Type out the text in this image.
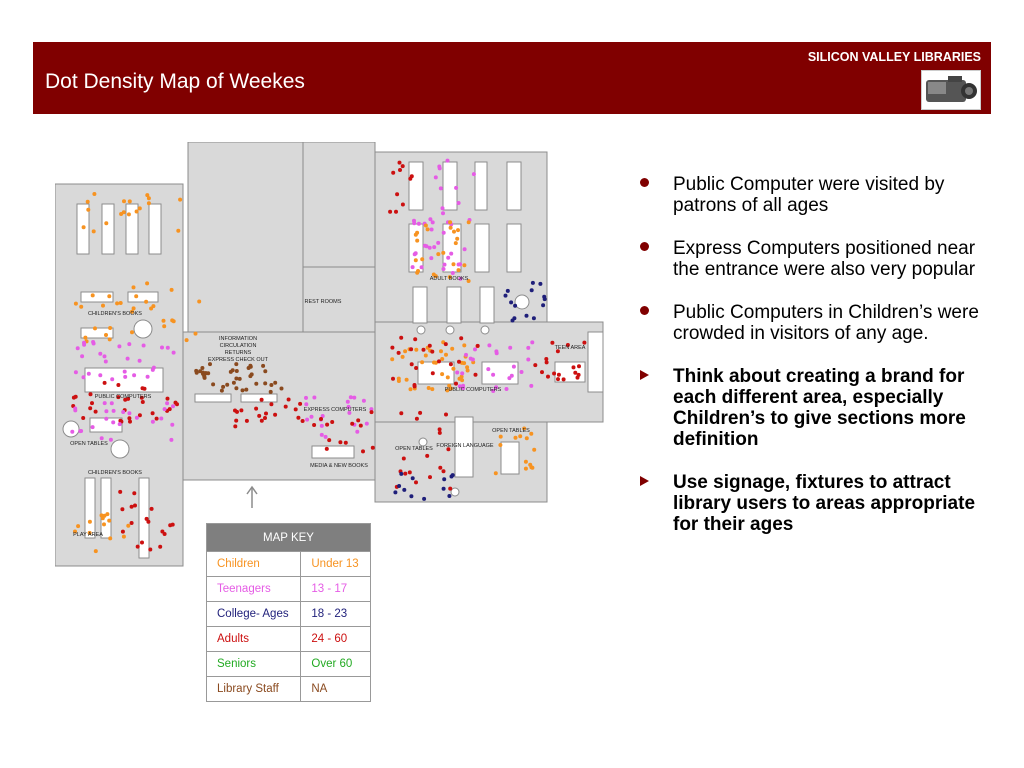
SILICON VALLEY LIBRARIES
Dot Density Map of Weekes
CHILDREN'S BOOKS
PUBLIC COMPUTERS
OPEN TABLES
CHILDREN'S BOOKS
PLAY AREA
INFORMATION
CIRCULATION
RETURNS
EXPRESS CHECK OUT
REST ROOMS
EXPRESS COMPUTERS
MEDIA & NEW BOOKS
ADULT BOOKS
PUBLIC COMPUTERS
TEEN AREA
OPEN TABLES FOREIGN LANGUAGE
OPEN TABLES
MAP KEY	
Children	Under 13
Teenagers	13 - 17
College- Ages	18 - 23
Adults	24 - 60
Seniors	Over 60
Library Staff	NA
Public Computer were visited by patrons of all ages
Express Computers positioned near the entrance were also very popular
Public Computers in Children’s were crowded in visitors of any age.
Think about creating a brand for each different area, especially Children’s to give sections more definition
Use signage, fixtures to attract library users to areas appropriate for their ages
